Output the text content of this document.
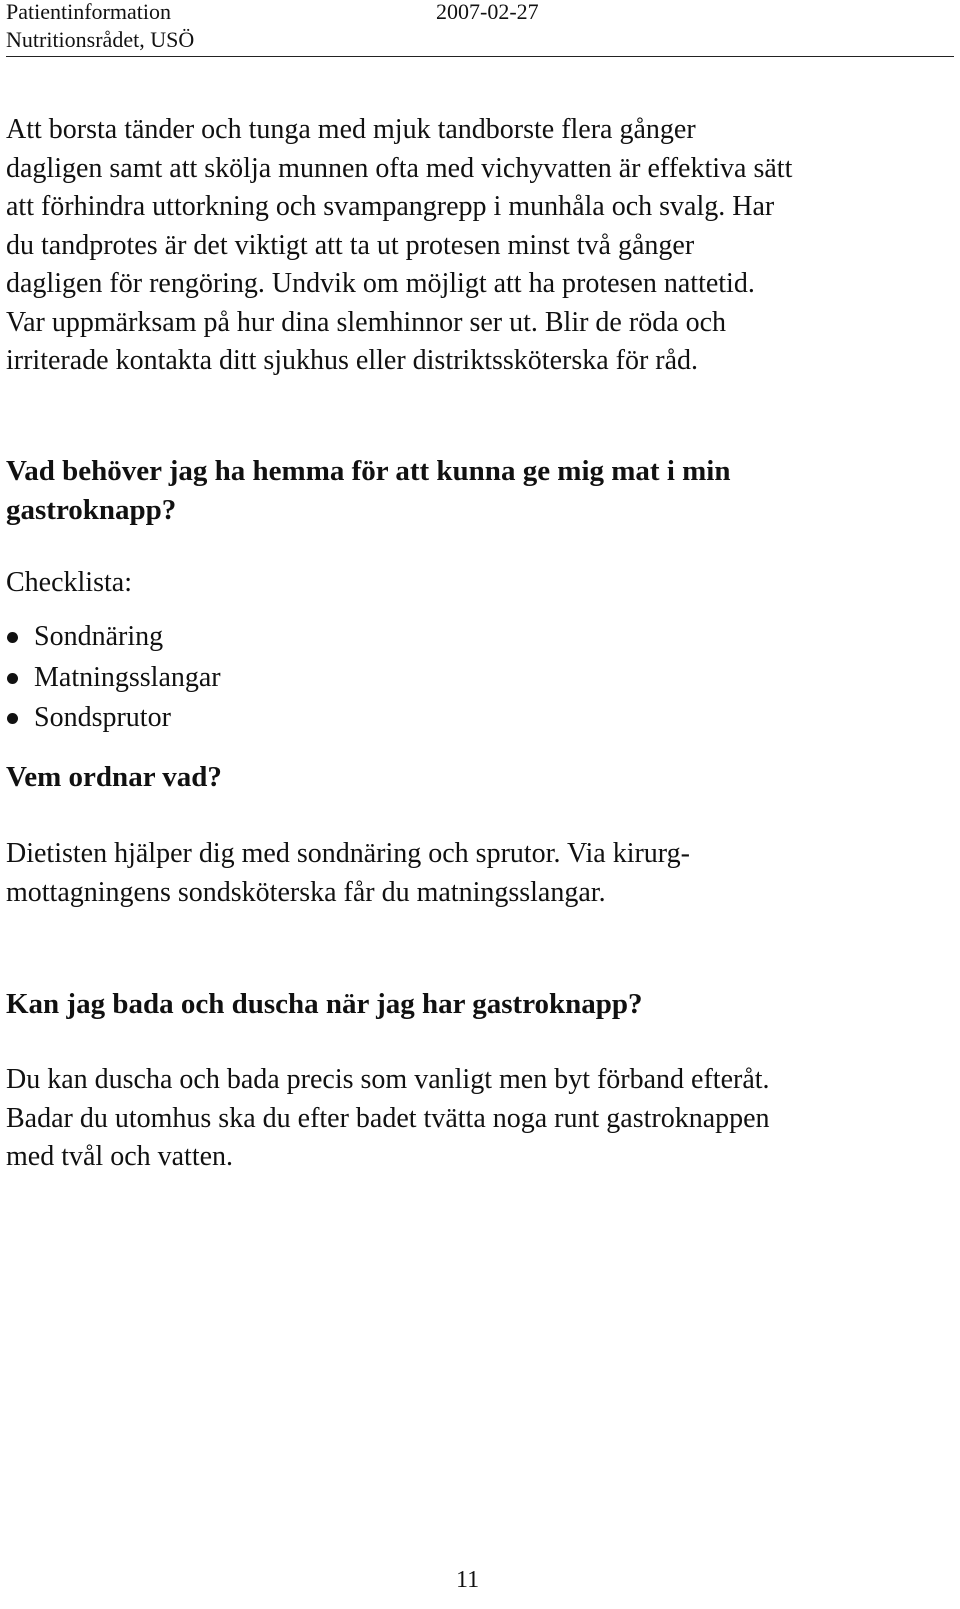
Patientinformation	2007-02-27
Nutritionsrådet, USÖ

Att borsta tänder och tunga med mjuk tandborste flera gånger

dagligen samt att skölja munnen ofta med vichyvatten är effektiva sätt

att förhindra uttorkning och svampangrepp i munhåla och svalg. Har

du tandprotes är det viktigt att ta ut protesen minst två gånger

dagligen för rengöring. Undvik om möjligt att ha protesen nattetid.

Var uppmärksam på hur dina slemhinnor ser ut. Blir de röda och

irriterade kontakta ditt sjukhus eller distriktssköterska för råd.

Vad behöver jag ha hemma för att kunna ge mig mat i min
gastroknapp?
Checklista:
Sondnäring
Matningsslangar
Sondsprutor
Vem ordnar vad?

Dietisten hjälper dig med sondnäring och sprutor. Via kirurg-

mottagningens sondsköterska får du matningsslangar.

Kan jag bada och duscha när jag har gastroknapp?

Du kan duscha och bada precis som vanligt men byt förband efteråt.

Badar du utomhus ska du efter badet tvätta noga runt gastroknappen

med tvål och vatten.

11
